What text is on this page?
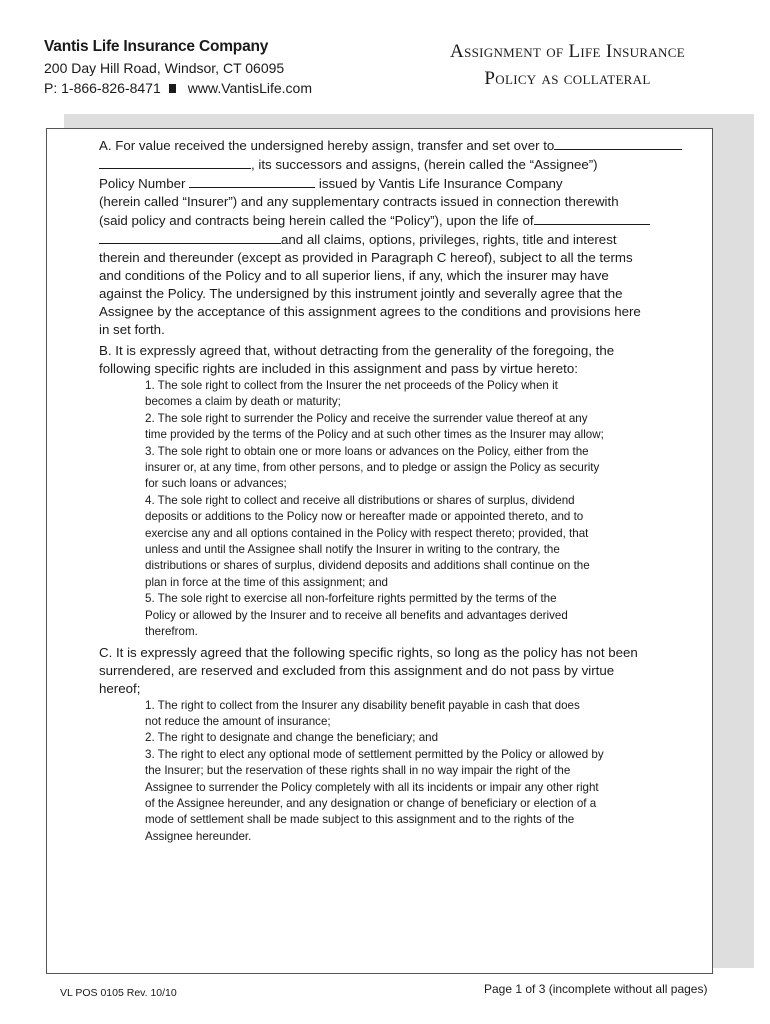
Vantis Life Insurance Company
200 Day Hill Road, Windsor, CT 06095
P: 1-866-826-8471 www.VantisLife.com
Assignment of Life Insurance
Policy as collateral
A. For value received the undersigned hereby assign, transfer and set over to
, its successors and assigns, (herein called the “Assignee”)
Policy Number	issued by Vantis Life Insurance Company
(herein called “Insurer”) and any supplementary contracts issued in connection therewith
(said policy and contracts being herein called the “Policy”), upon the life of
and all claims, options, privileges, rights, title and interest
therein and thereunder (except as provided in Paragraph C hereof), subject to all the terms
and conditions of the Policy and to all superior liens, if any, which the insurer may have
against the Policy. The undersigned by this instrument jointly and severally agree that the
Assignee by the acceptance of this assignment agrees to the conditions and provisions here
in set forth.
B. It is expressly agreed that, without detracting from the generality of the foregoing, the
following specific rights are included in this assignment and pass by virtue hereto:
1. The sole right to collect from the Insurer the net proceeds of the Policy when it
becomes a claim by death or maturity;
2. The sole right to surrender the Policy and receive the surrender value thereof at any
time provided by the terms of the Policy and at such other times as the Insurer may allow;
3. The sole right to obtain one or more loans or advances on the Policy, either from the
insurer or, at any time, from other persons, and to pledge or assign the Policy as security
for such loans or advances;
4. The sole right to collect and receive all distributions or shares of surplus, dividend
deposits or additions to the Policy now or hereafter made or appointed thereto, and to
exercise any and all options contained in the Policy with respect thereto; provided, that
unless and until the Assignee shall notify the Insurer in writing to the contrary, the
distributions or shares of surplus, dividend deposits and additions shall continue on the
plan in force at the time of this assignment; and
5. The sole right to exercise all non-forfeiture rights permitted by the terms of the
Policy or allowed by the Insurer and to receive all benefits and advantages derived
therefrom.
C. It is expressly agreed that the following specific rights, so long as the policy has not been
surrendered, are reserved and excluded from this assignment and do not pass by virtue
hereof;
1. The right to collect from the Insurer any disability benefit payable in cash that does
not reduce the amount of insurance;
2. The right to designate and change the beneficiary; and
3. The right to elect any optional mode of settlement permitted by the Policy or allowed by
the Insurer; but the reservation of these rights shall in no way impair the right of the
Assignee to surrender the Policy completely with all its incidents or impair any other right
of the Assignee hereunder, and any designation or change of beneficiary or election of a
mode of settlement shall be made subject to this assignment and to the rights of the
Assignee hereunder.
VL POS 0105 Rev. 10/10	Page 1 of 3 (incomplete without all pages)
